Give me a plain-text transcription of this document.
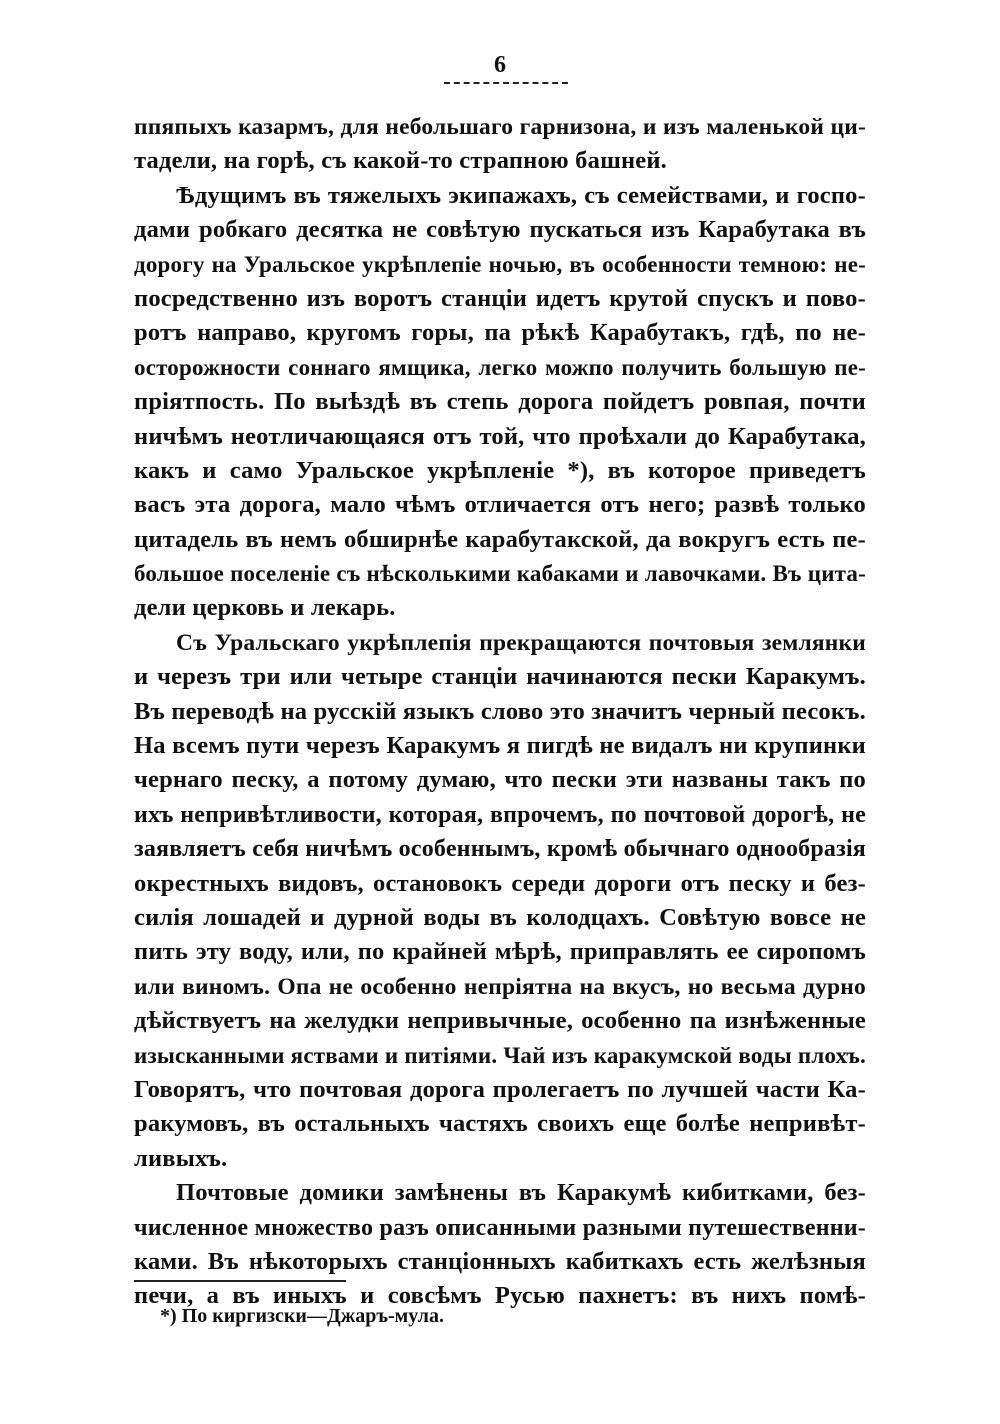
6
ппяпыхъ казармъ, для небольшаго гарнизона, и изъ маленькой ци-
тадели, на горѣ, съ какой-то страпною башней.
Ѣдущимъ въ тяжелыхъ экипажахъ, съ семействами, и госпо-
дами робкаго десятка не совѣтую пускаться изъ Карабутака въ
дорогу на Уральское укрѣплепіе ночью, въ особенности темною: не-
посредственно изъ воротъ станціи идетъ крутой спускъ и пово-
ротъ направо, кругомъ горы, па рѣкѣ Карабутакъ, гдѣ, по не-
осторожности соннаго ямщика, легко можпо получить большую пе-
пріятпость. По выѣздѣ въ степь дорога пойдетъ ровпая, почти
ничѣмъ неотличающаяся отъ той, что проѣхали до Карабутака,
какъ и само Уральское укрѣпленіе *), въ которое приведетъ
васъ эта дорога, мало чѣмъ отличается отъ него; развѣ только
цитадель въ немъ обширнѣе карабутакской, да вокругъ есть пе-
большое поселеніе съ нѣсколькими кабаками и лавочками. Въ цита-
дели церковь и лекарь.
Съ Уральскаго укрѣплепія прекращаются почтовыя землянки
и черезъ три или четыре станціи начинаются пески Каракумъ.
Въ переводѣ на русскій языкъ слово это значитъ черный песокъ.
На всемъ пути черезъ Каракумъ я пигдѣ не видалъ ни крупинки
чернаго песку, а потому думаю, что пески эти названы такъ по
ихъ непривѣтливости, которая, впрочемъ, по почтовой дорогѣ, не
заявляетъ себя ничѣмъ особеннымъ, кромѣ обычнаго однообразія
окрестныхъ видовъ, остановокъ середи дороги отъ песку и без-
силія лошадей и дурной воды въ колодцахъ. Совѣтую вовсе не
пить эту воду, или, по крайней мѣрѣ, приправлять ее сиропомъ
или виномъ. Опа не особенно непріятна на вкусъ, но весьма дурно
дѣйствуетъ на желудки непривычные, особенно па изнѣженные
изысканными яствами и питіями. Чай изъ каракумской воды плохъ.
Говорятъ, что почтовая дорога пролегаетъ по лучшей части Ка-
ракумовъ, въ остальныхъ частяхъ своихъ еще болѣе непривѣт-
ливыхъ.
Почтовые домики замѣнены въ Каракумѣ кибитками, без-
численное множество разъ описанными разными путешественни-
ками. Въ нѣкоторыхъ станціонныхъ кабиткахъ есть желѣзныя
печи, а въ иныхъ и совсѣмъ Русью пахнетъ: въ нихъ помѣ-
*) По киргизски—Джаръ-мула.
